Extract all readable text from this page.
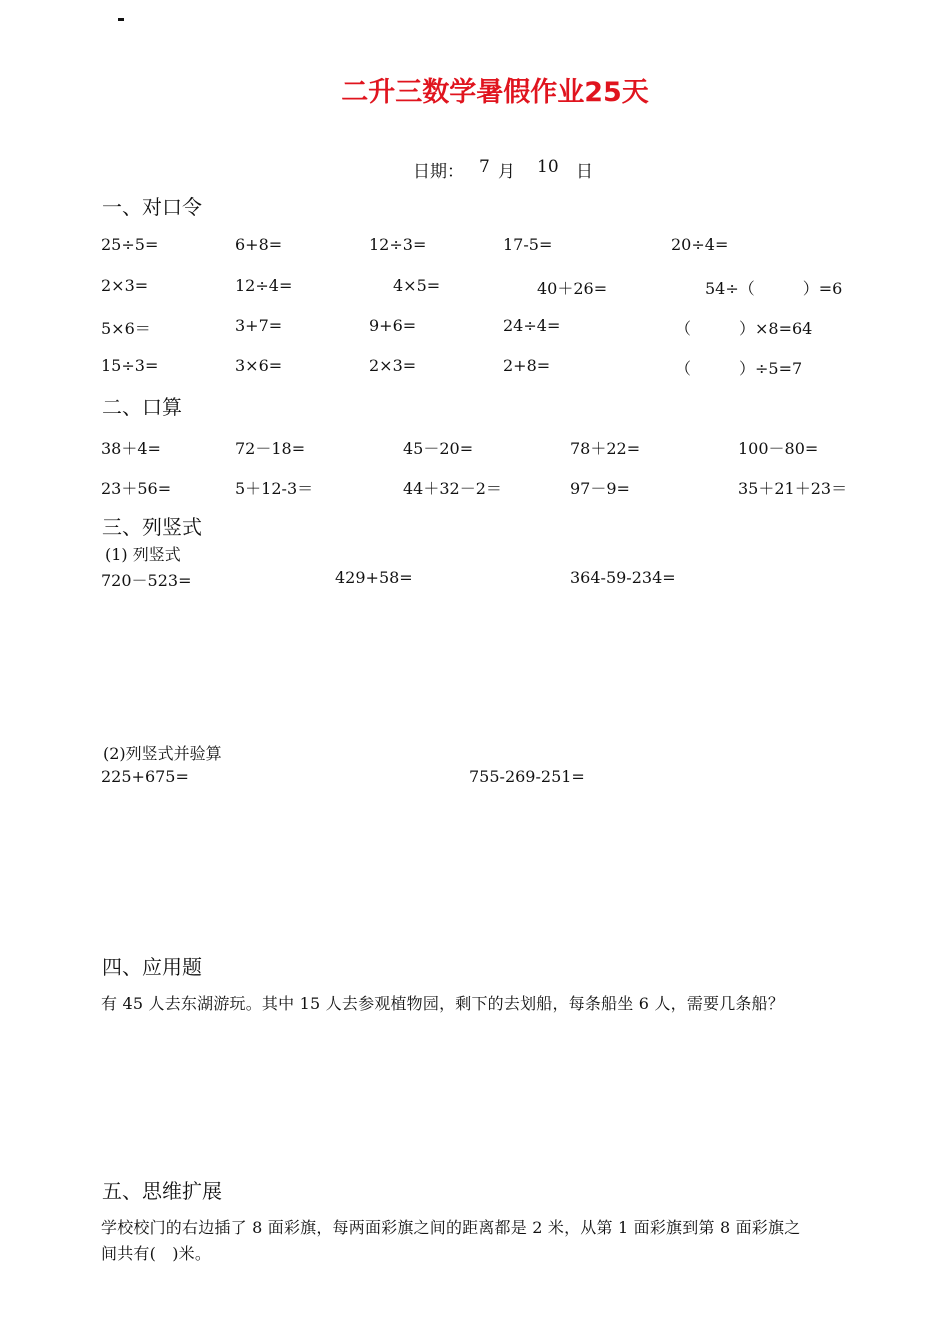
二升三数学暑假作业25天
日期： 7 月 10 日
一、对口令
25÷5=	6+8=	12÷3=	17-5=	20÷4=
2×3=	12÷4=	4×5=	40＋26=	54÷（　　　）=6
5×6＝	3+7=	9+6=	24÷4=	（　　　）×8=64
15÷3=	3×6=	2×3=	2+8=	（　　　）÷5=7
二、口算
38＋4=	72－18=	45－20=	78＋22=	100－80=
23＋56=	5＋12-3＝	44＋32－2＝	97－9=	35＋21＋23＝
三、列竖式
(1) 列竖式
720－523=	429+58=	364-59-234=
(2)列竖式并验算
225+675=	755-269-251=
四、应用题
有 45 人去东湖游玩。其中 15 人去参观植物园，剩下的去划船，每条船坐 6 人，需要几条船？
五、思维扩展
学校校门的右边插了 8 面彩旗，每两面彩旗之间的距离都是 2 米，从第 1 面彩旗到第 8 面彩旗之
间共有(　)米。
